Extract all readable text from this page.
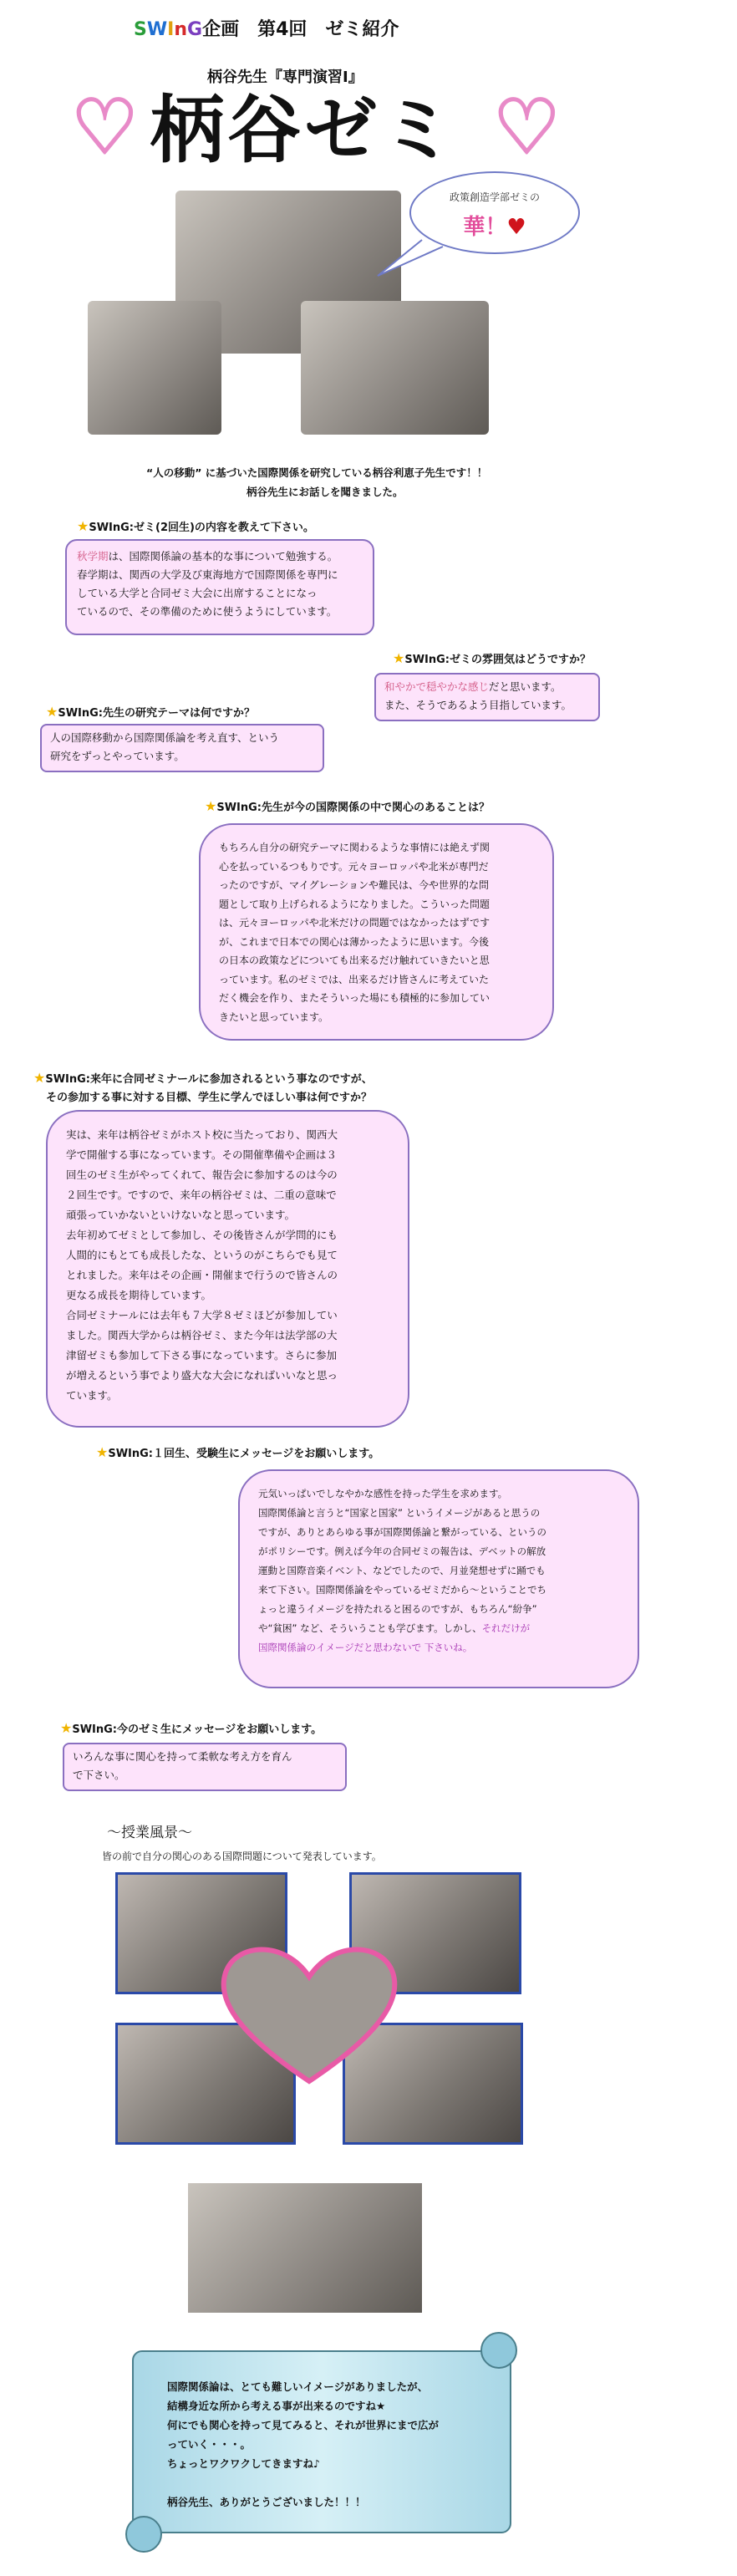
SWInG企画　第4回　ゼミ紹介
柄谷先生『専門演習Ⅰ』
♡ 柄谷ゼミ ♡
政策創造学部ゼミの
華！♥
“人の移動” に基づいた国際関係を研究している柄谷利恵子先生です！！
柄谷先生にお話しを聞きました。
★SWInG:ゼミ(2回生)の内容を教えて下さい。
秋学期は、国際関係論の基本的な事について勉強する。
春学期は、関西の大学及び東海地方で国際関係を専門に
している大学と合同ゼミ大会に出席することになっ
ているので、その準備のために使うようにしています。
★SWInG:ゼミの雰囲気はどうですか？
和やかで穏やかな感じだと思います。
また、そうであるよう目指しています。
★SWInG:先生の研究テーマは何ですか？
人の国際移動から国際関係論を考え直す、という
研究をずっとやっています。
★SWInG:先生が今の国際関係の中で関心のあることは？
もちろん自分の研究テーマに関わるような事情には絶えず関
心を払っているつもりです。元々ヨーロッパや北米が専門だ
ったのですが、マイグレーションや難民は、今や世界的な問
題として取り上げられるようになりました。こういった問題
は、元々ヨーロッパや北米だけの問題ではなかったはずです
が、これまで日本での関心は薄かったように思います。今後
の日本の政策などについても出来るだけ触れていきたいと思
っています。私のゼミでは、出来るだけ皆さんに考えていた
だく機会を作り、またそういった場にも積極的に参加してい
きたいと思っています。
★SWInG:来年に合同ゼミナールに参加されるという事なのですが、
その参加する事に対する目標、学生に学んでほしい事は何ですか？
実は、来年は柄谷ゼミがホスト校に当たっており、関西大
学で開催する事になっています。その開催準備や企画は３
回生のゼミ生がやってくれて、報告会に参加するのは今の
２回生です。ですので、来年の柄谷ゼミは、二重の意味で
頑張っていかないといけないなと思っています。
去年初めてゼミとして参加し、その後皆さんが学問的にも
人間的にもとても成長したな、というのがこちらでも見て
とれました。来年はその企画・開催まで行うので皆さんの
更なる成長を期待しています。
合同ゼミナールには去年も７大学８ゼミほどが参加してい
ました。関西大学からは柄谷ゼミ、また今年は法学部の大
津留ゼミも参加して下さる事になっています。さらに参加
が増えるという事でより盛大な大会になればいいなと思っ
ています。
★SWInG:１回生、受験生にメッセージをお願いします。
元気いっぱいでしなやかな感性を持った学生を求めます。
国際関係論と言うと“国家と国家” というイメージがあると思うの
ですが、ありとあらゆる事が国際関係論と繋がっている、というの
がポリシーです。例えば今年の合同ゼミの報告は、デベットの解放
運動と国際音楽イベント、などでしたので、月並発想せずに踊でも
来て下さい。国際関係論をやっているゼミだから～ということでち
ょっと違うイメージを持たれると困るのですが、もちろん“紛争”
や“貧困” など、そういうことも学びます。しかし、それだけが
国際関係論のイメージだと思わないで 下さいね。
★SWInG:今のゼミ生にメッセージをお願いします。
いろんな事に関心を持って柔軟な考え方を育ん
で下さい。
～授業風景～
皆の前で自分の関心のある国際問題について発表しています。
国際関係論は、とても難しいイメージがありましたが、
結構身近な所から考える事が出来るのですね★
何にでも関心を持って見てみると、それが世界にまで広が
っていく・・・。
ちょっとワクワクしてきますね♪
柄谷先生、ありがとうございました！！！
